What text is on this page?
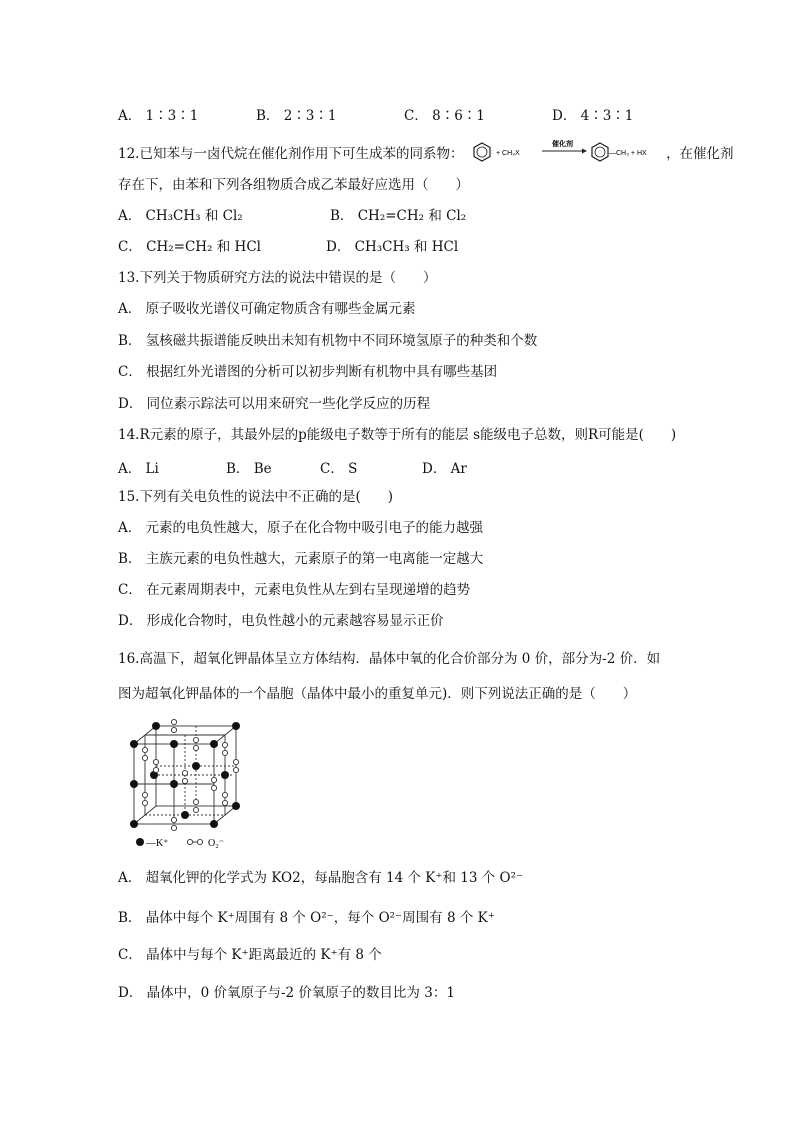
A． 1∶3∶1	B． 2∶3∶1	C． 8∶6∶1	D． 4∶3∶1
12.已知苯与一卤代烷在催化剂作用下可生成苯的同系物：	+ CH₃X
催化剂
—CH₃ + HX ，在催化剂
存在下，由苯和下列各组物质合成乙苯最好应选用（　　）
A． CH₃CH₃ 和 Cl₂	B． CH₂=CH₂ 和 Cl₂
C． CH₂=CH₂ 和 HCl	D． CH₃CH₃ 和 HCl
13.下列关于物质研究方法的说法中错误的是（　　）
A． 原子吸收光谱仪可确定物质含有哪些金属元素
B． 氢核磁共振谱能反映出未知有机物中不同环境氢原子的种类和个数
C． 根据红外光谱图的分析可以初步判断有机物中具有哪些基团
D． 同位素示踪法可以用来研究一些化学反应的历程
14.R元素的原子，其最外层的p能级电子数等于所有的能层 s能级电子总数，则R可能是(　　)
A． Li	B． Be	C． S	D． Ar
15.下列有关电负性的说法中不正确的是(　　)
A． 元素的电负性越大，原子在化合物中吸引电子的能力越强
B． 主族元素的电负性越大，元素原子的第一电离能一定越大
C． 在元素周期表中，元素电负性从左到右呈现递增的趋势
D． 形成化合物时，电负性越小的元素越容易显示正价
16.高温下，超氧化钾晶体呈立方体结构．晶体中氧的化合价部分为 0 价，部分为-2 价．如
图为超氧化钾晶体的一个晶胞（晶体中最小的重复单元)．则下列说法正确的是（　　）
—K⁺	O₂⁻
A． 超氧化钾的化学式为 KO2，每晶胞含有 14 个 K⁺和 13 个 O²⁻
B． 晶体中每个 K⁺周围有 8 个 O²⁻，每个 O²⁻周围有 8 个 K⁺
C． 晶体中与每个 K⁺距离最近的 K⁺有 8 个
D． 晶体中，0 价氧原子与-2 价氧原子的数目比为 3：1
